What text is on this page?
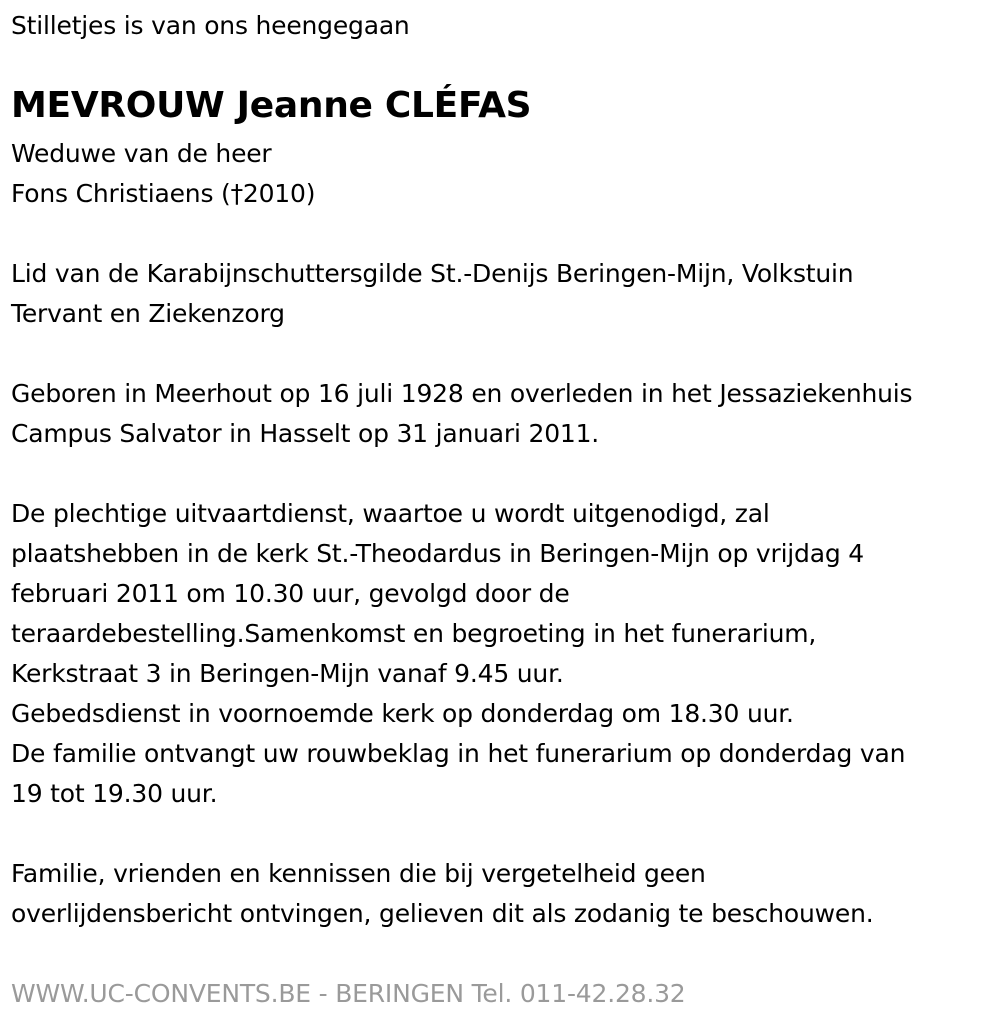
Stilletjes is van ons heengegaan
MEVROUW Jeanne CLÉFAS
Weduwe van de heer
Fons Christiaens (†2010)
Lid van de Karabijnschuttersgilde St.-Denijs Beringen-Mijn, Volkstuin
Tervant en Ziekenzorg
Geboren in Meerhout op 16 juli 1928 en overleden in het Jessaziekenhuis
Campus Salvator in Hasselt op 31 januari 2011.
De plechtige uitvaartdienst, waartoe u wordt uitgenodigd, zal
plaatshebben in de kerk St.-Theodardus in Beringen-Mijn op vrijdag 4
februari 2011 om 10.30 uur, gevolgd door de
teraardebestelling.Samenkomst en begroeting in het funerarium,
Kerkstraat 3 in Beringen-Mijn vanaf 9.45 uur.
Gebedsdienst in voornoemde kerk op donderdag om 18.30 uur.
De familie ontvangt uw rouwbeklag in het funerarium op donderdag van
19 tot 19.30 uur.
Familie, vrienden en kennissen die bij vergetelheid geen
overlijdensbericht ontvingen, gelieven dit als zodanig te beschouwen.
WWW.UC-CONVENTS.BE - BERINGEN Tel. 011-42.28.32
